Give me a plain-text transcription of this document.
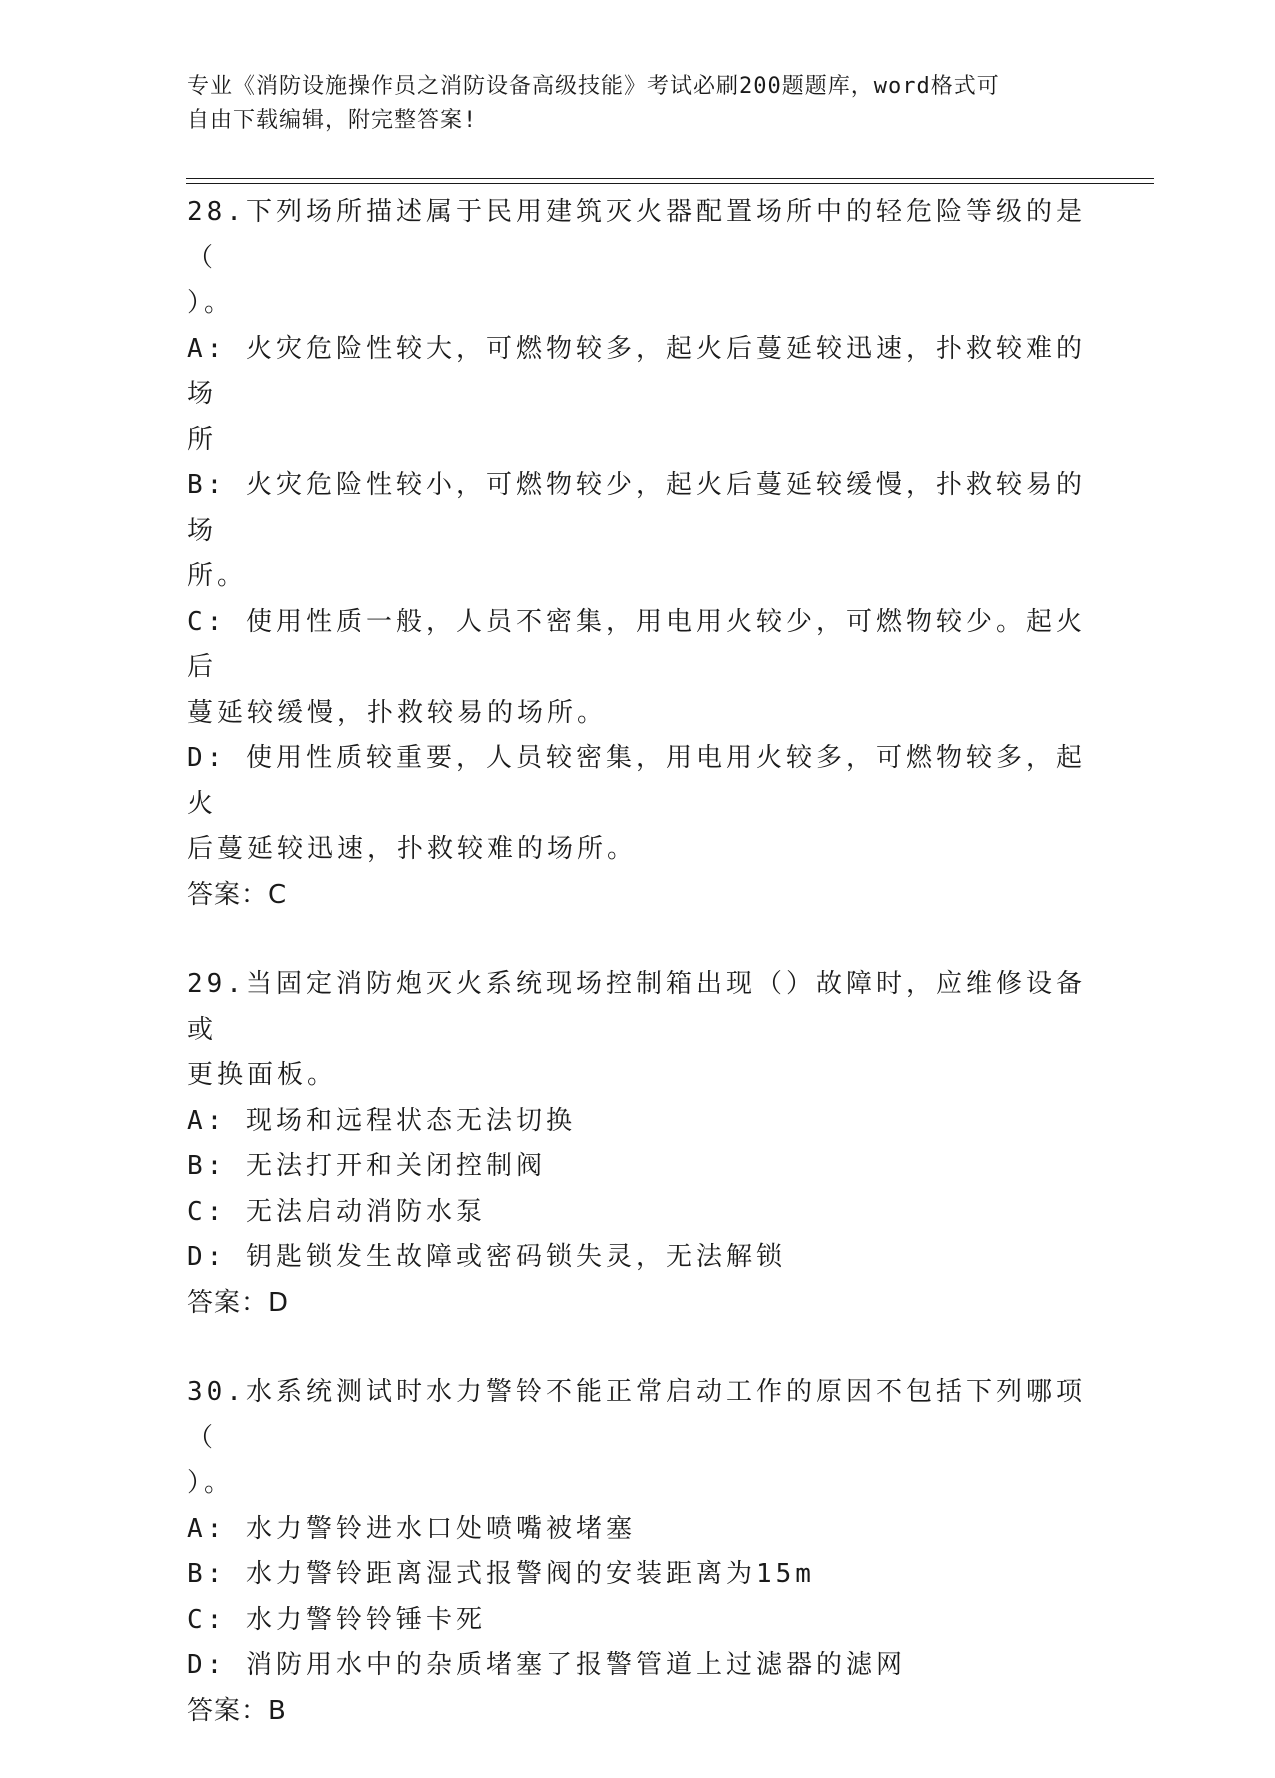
专业《消防设施操作员之消防设备高级技能》考试必刷200题题库，word格式可
自由下载编辑，附完整答案!
28.下列场所描述属于民用建筑灭火器配置场所中的轻危险等级的是（
）。
A: 火灾危险性较大，可燃物较多，起火后蔓延较迅速，扑救较难的场
所
B: 火灾危险性较小，可燃物较少，起火后蔓延较缓慢，扑救较易的场
所。
C: 使用性质一般，人员不密集，用电用火较少，可燃物较少。起火后
蔓延较缓慢，扑救较易的场所。
D: 使用性质较重要，人员较密集，用电用火较多，可燃物较多，起火
后蔓延较迅速，扑救较难的场所。
答案：C
29.当固定消防炮灭火系统现场控制箱出现（）故障时，应维修设备或
更换面板。
A: 现场和远程状态无法切换
B: 无法打开和关闭控制阀
C: 无法启动消防水泵
D: 钥匙锁发生故障或密码锁失灵，无法解锁
答案：D
30.水系统测试时水力警铃不能正常启动工作的原因不包括下列哪项（
）。
A: 水力警铃进水口处喷嘴被堵塞
B: 水力警铃距离湿式报警阀的安装距离为15m
C: 水力警铃铃锤卡死
D: 消防用水中的杂质堵塞了报警管道上过滤器的滤网
答案：B
